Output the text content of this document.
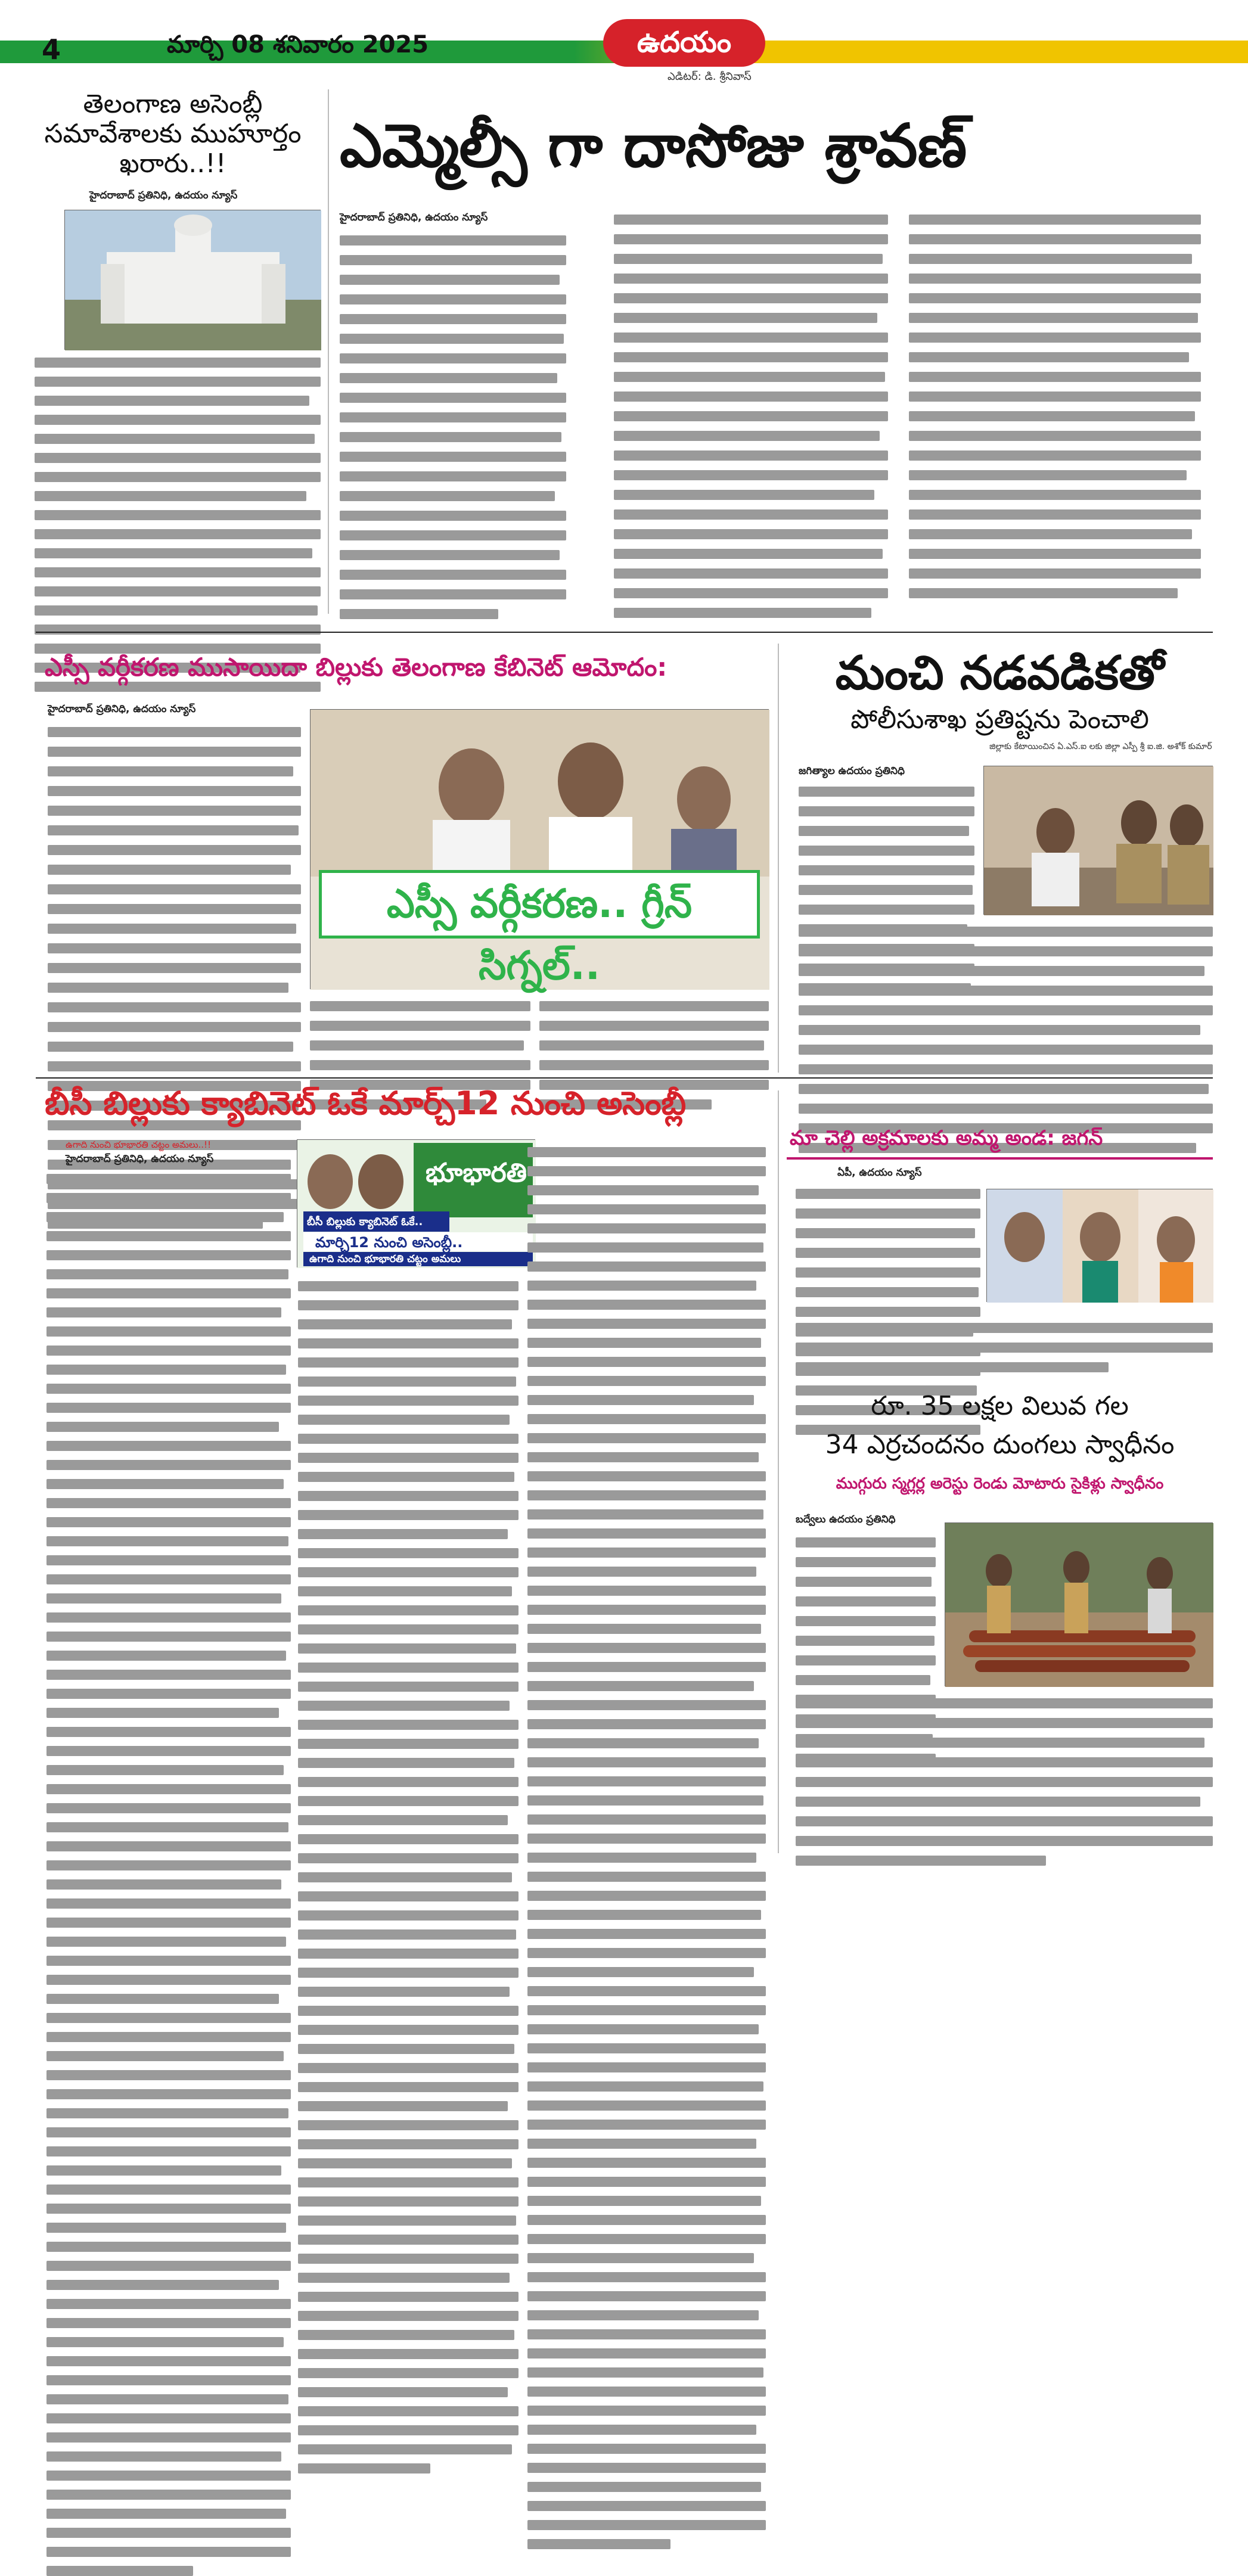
4	మార్చి 08 శనివారం 2025	ఉదయం
ఎడిటర్: డి. శ్రీనివాస్
తెలంగాణ అసెంబ్లీ సమావేశాలకు ముహూర్తం ఖరారు..!!
హైదరాబాద్ ప్రతినిధి, ఉదయం న్యూస్
ఎమ్మెల్సీ గా దాసోజు శ్రావణ్
హైదరాబాద్ ప్రతినిధి, ఉదయం న్యూస్
ఎస్సీ వర్గీకరణ ముసాయిదా బిల్లుకు తెలంగాణ కేబినెట్ ఆమోదం:
హైదరాబాద్ ప్రతినిధి, ఉదయం న్యూస్
ఎస్సీ వర్గీకరణ.. గ్రీన్ సిగ్నల్..
మంచి నడవడికతో
పోలీసుశాఖ ప్రతిష్టను పెంచాలి
జిల్లాకు కేటాయించిన ఏ.ఎస్.ఐ లకు జిల్లా ఎస్పీ శ్రీ ఐ.జి. అశోక్ కుమార్
జగిత్యాల ఉదయం ప్రతినిధి
బీసీ బిల్లుకు క్యాబినెట్ ఓకే మార్చ్12 నుంచి అసెంబ్లీ
ఉగాది నుంచి భూభారతి చట్టం అమలు..!!
హైదరాబాద్ ప్రతినిధి, ఉదయం న్యూస్	భూభారతి
బీసీ బిల్లుకు క్యాబినెట్ ఓకే..
మార్చి12 నుంచి అసెంబ్లీ..
ఉగాది నుంచి భూభారతి చట్టం అమలు
మా చెల్లి అక్రమాలకు అమ్మ అండ: జగన్
ఏపీ, ఉదయం న్యూస్
రూ. 35 లక్షల విలువ గల
34 ఎర్రచందనం దుంగలు స్వాధీనం
ముగ్గురు స్మగ్లర్ల అరెస్టు రెండు మోటారు సైకిళ్లు స్వాధీనం
బద్వేలు ఉదయం ప్రతినిధి
